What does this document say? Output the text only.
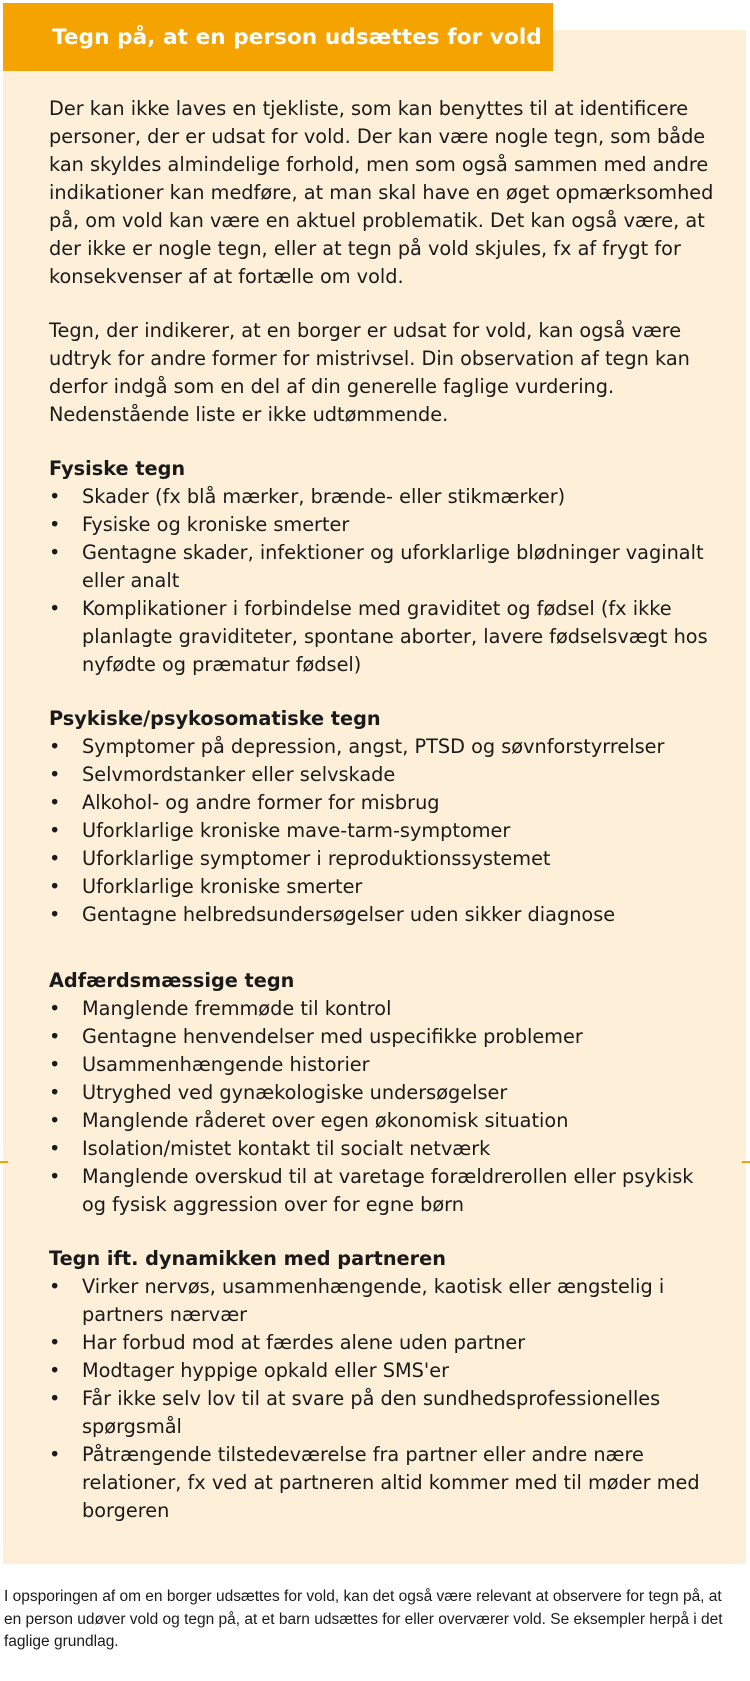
Tegn på, at en person udsættes for vold

Der kan ikke laves en tjekliste, som kan benyttes til at identificere personer, der er udsat for vold. Der kan være nogle tegn, som både kan skyldes almindelige forhold, men som også sammen med andre indikationer kan medføre, at man skal have en øget opmærksomhed på, om vold kan være en aktuel problematik. Det kan også være, at der ikke er nogle tegn, eller at tegn på vold skjules, fx af frygt for konsekvenser af at fortælle om vold.

Tegn, der indikerer, at en borger er udsat for vold, kan også være udtryk for andre former for mistrivsel. Din observation af tegn kan derfor indgå som en del af din generelle faglige vurdering. Nedenstående liste er ikke udtømmende.

Fysiske tegn
• Skader (fx blå mærker, brænde- eller stikmærker)
• Fysiske og kroniske smerter
• Gentagne skader, infektioner og uforklarlige blødninger vaginalt eller analt
• Komplikationer i forbindelse med graviditet og fødsel (fx ikke planlagte graviditeter, spontane aborter, lavere fødselsvægt hos nyfødte og præmatur fødsel)
Psykiske/psykosomatiske tegn
• Symptomer på depression, angst, PTSD og søvnforstyrrelser
• Selvmordstanker eller selvskade
• Alkohol- og andre former for misbrug
• Uforklarlige kroniske mave-tarm-symptomer
• Uforklarlige symptomer i reproduktionssystemet
• Uforklarlige kroniske smerter
• Gentagne helbredsundersøgelser uden sikker diagnose
Adfærdsmæssige tegn
• Manglende fremmøde til kontrol
• Gentagne henvendelser med uspecifikke problemer
• Usammenhængende historier
• Utryghed ved gynækologiske undersøgelser
• Manglende råderet over egen økonomisk situation
• Isolation/mistet kontakt til socialt netværk
• Manglende overskud til at varetage forældrerollen eller psykisk og fysisk aggression over for egne børn
Tegn ift. dynamikken med partneren
• Virker nervøs, usammenhængende, kaotisk eller ængstelig i partners nærvær
• Har forbud mod at færdes alene uden partner
• Modtager hyppige opkald eller SMS'er
• Får ikke selv lov til at svare på den sundhedsprofessionelles spørgsmål
• Påtrængende tilstedeværelse fra partner eller andre nære relationer, fx ved at partneren altid kommer med til møder med borgeren
I opsporingen af om en borger udsættes for vold, kan det også være relevant at observere for tegn på, at en person udøver vold og tegn på, at et barn udsættes for eller overværer vold. Se eksempler herpå i det faglige grundlag.
